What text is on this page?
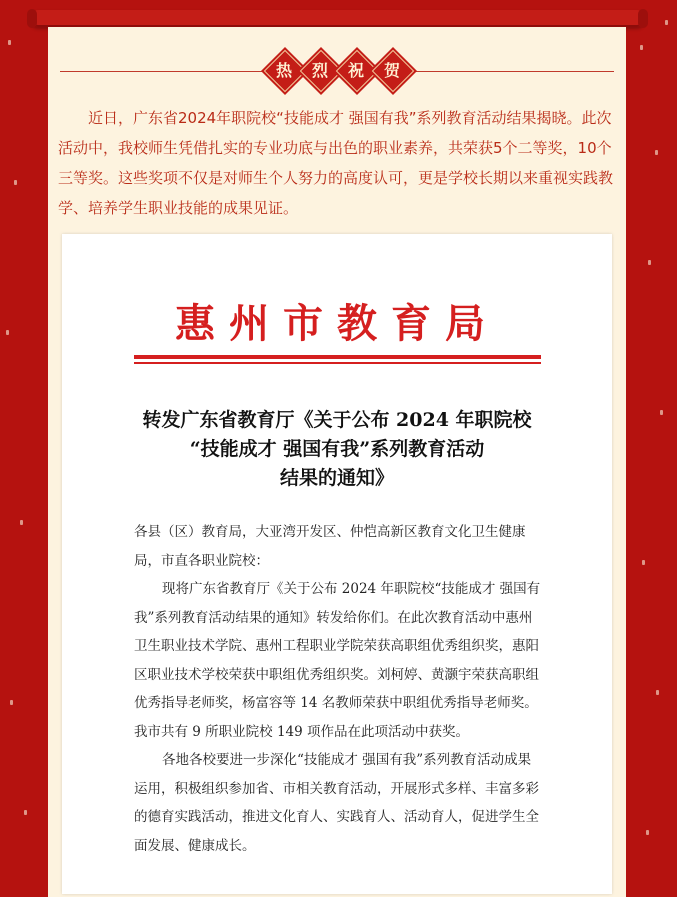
热	烈	祝	贺

近日，广东省2024年职院校“技能成才 强国有我”系列教育活动结果揭晓。此次活动中，我校师生凭借扎实的专业功底与出色的职业素养，共荣获5个二等奖，10个三等奖。这些奖项不仅是对师生个人努力的高度认可，更是学校长期以来重视实践教学、培养学生职业技能的成果见证。

惠州市教育局
转发广东省教育厅《关于公布 2024 年职院校
“技能成才 强国有我”系列教育活动
结果的通知》

各县（区）教育局，大亚湾开发区、仲恺高新区教育文化卫生健康局，市直各职业院校：

现将广东省教育厅《关于公布 2024 年职院校“技能成才 强国有我”系列教育活动结果的通知》转发给你们。在此次教育活动中惠州卫生职业技术学院、惠州工程职业学院荣获高职组优秀组织奖，惠阳区职业技术学校荣获中职组优秀组织奖。刘柯婷、黄灏宇荣获高职组优秀指导老师奖，杨富容等 14 名教师荣获中职组优秀指导老师奖。我市共有 9 所职业院校 149 项作品在此项活动中获奖。

各地各校要进一步深化“技能成才 强国有我”系列教育活动成果运用，积极组织参加省、市相关教育活动，开展形式多样、丰富多彩的德育实践活动，推进文化育人、实践育人、活动育人，促进学生全面发展、健康成长。
